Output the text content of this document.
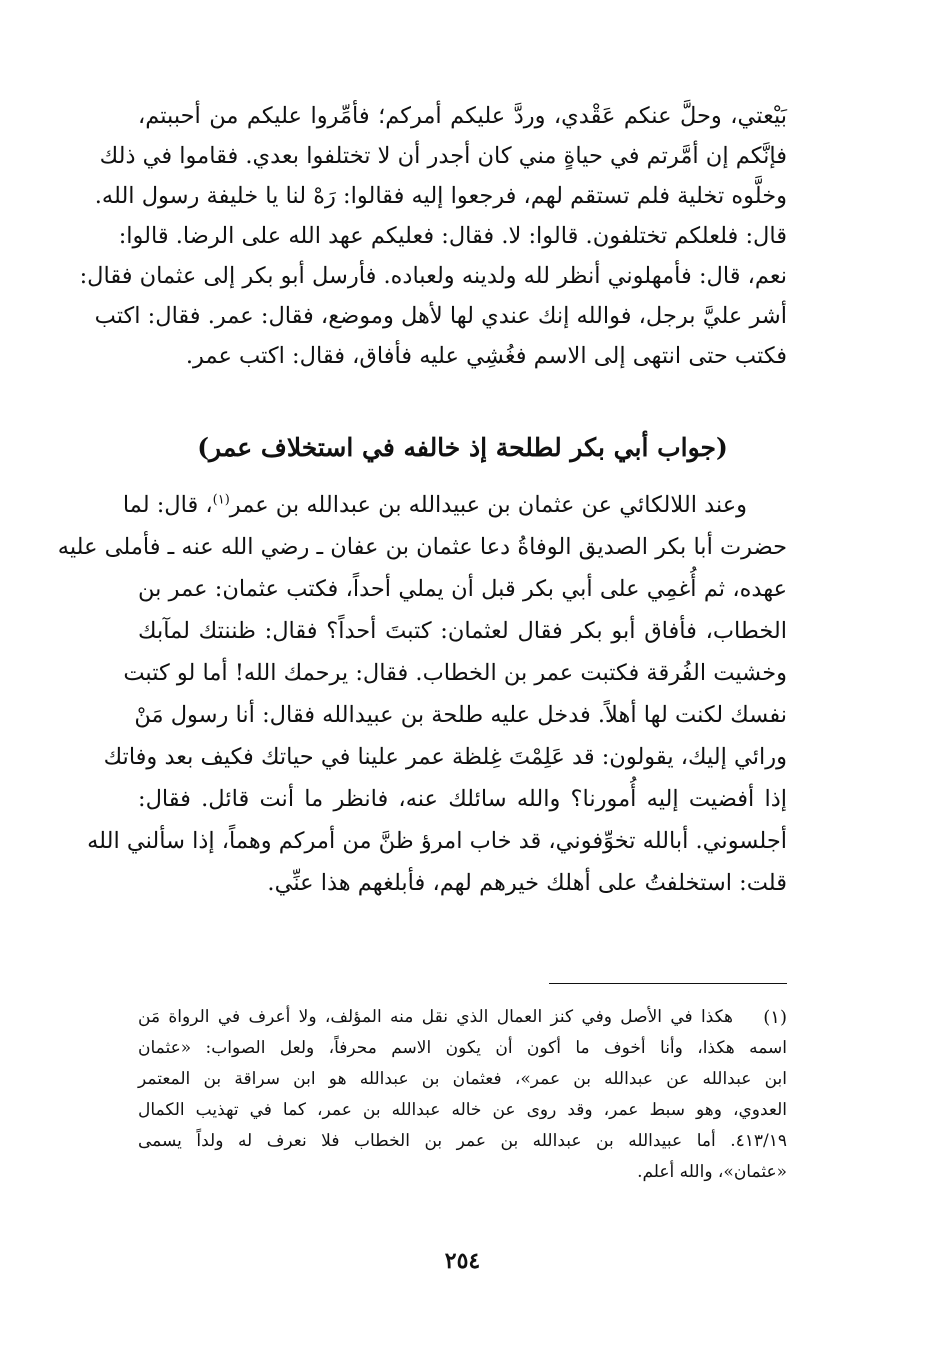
بَيْعتي، وحلَّ عنكم عَقْدي، وردَّ عليكم أمركم؛ فأمِّروا عليكم من أحببتم،
فإنَّكم إن أمَّرتم في حياةٍ مني كان أجدر أن لا تختلفوا بعدي. فقاموا في ذلك
وخلَّوه تخلية فلم تستقم لهم، فرجعوا إليه فقالوا: رَهْ لنا يا خليفة رسول الله.
قال: فلعلكم تختلفون. قالوا: لا. فقال: فعليكم عهد الله على الرضا. قالوا:
نعم، قال: فأمهلوني أنظر لله ولدينه ولعباده. فأرسل أبو بكر إلى عثمان فقال:
أشر عليَّ برجل، فوالله إنك عندي لها لأهل وموضع، فقال: عمر. فقال: اكتب
فكتب حتى انتهى إلى الاسم فغُشِي عليه فأفاق، فقال: اكتب عمر.
(جواب أبي بكر لطلحة إذ خالفه في استخلاف عمر)
وعند اللالكائي عن عثمان بن عبيدالله بن عبدالله بن عمر$^{(١)}$، قال: لما
حضرت أبا بكر الصديق الوفاةُ دعا عثمان بن عفان ـ رضي الله عنه ـ فأملى عليه
عهده، ثم أُغمِي على أبي بكر قبل أن يملي أحداً، فكتب عثمان: عمر بن
الخطاب، فأفاق أبو بكر فقال لعثمان: كتبتَ أحداً؟ فقال: ظننتك لمآبك
وخشيت الفُرقة فكتبت عمر بن الخطاب. فقال: يرحمك الله! أما لو كتبت
نفسك لكنت لها أهلاً. فدخل عليه طلحة بن عبيدالله فقال: أنا رسول مَنْ
ورائي إليك، يقولون: قد عَلِمْتَ غِلظة عمر علينا في حياتك فكيف بعد وفاتك
إذا أفضيت إليه أُمورنا؟ والله سائلك عنه، فانظر ما أنت قائل. فقال:
أجلسوني. أبالله تخوِّفوني، قد خاب امرؤ ظنَّ من أمركم وهماً، إذا سألني الله
قلت: استخلفتُ على أهلك خيرهم لهم، فأبلغهم هذا عنِّي.
(١)
هكذا في الأصل وفي كنز العمال الذي نقل منه المؤلف، ولا أعرف في الرواة مَن
اسمه هكذا، وأنا أخوف ما أكون أن يكون الاسم محرفاً، ولعل الصواب: «عثمان
ابن عبدالله عن عبدالله بن عمر»، فعثمان بن عبدالله هو ابن سراقة بن المعتمر
العدوي، وهو سبط عمر، وقد روى عن خاله عبدالله بن عمر، كما في تهذيب الكمال
٤١٣/١٩. أما عبيدالله بن عبدالله بن عمر بن الخطاب فلا نعرف له ولداً يسمى
«عثمان»، والله أعلم.
٢٥٤
